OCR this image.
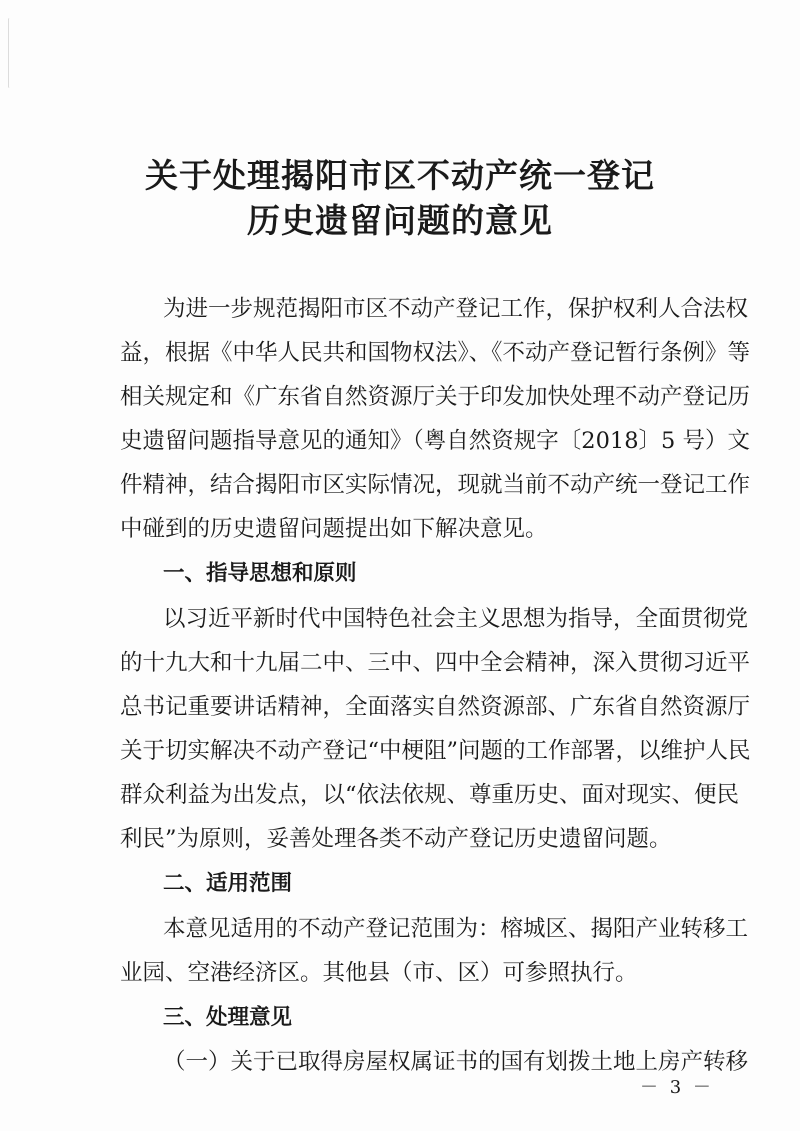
关于处理揭阳市区不动产统一登记
历史遗留问题的意见
为进一步规范揭阳市区不动产登记工作，保护权利人合法权
益，根据《中华人民共和国物权法》、《不动产登记暂行条例》等
相关规定和《广东省自然资源厅关于印发加快处理不动产登记历
史遗留问题指导意见的通知》（粤自然资规字〔2018〕5 号）文
件精神，结合揭阳市区实际情况，现就当前不动产统一登记工作
中碰到的历史遗留问题提出如下解决意见。
一、指导思想和原则
以习近平新时代中国特色社会主义思想为指导，全面贯彻党
的十九大和十九届二中、三中、四中全会精神，深入贯彻习近平
总书记重要讲话精神，全面落实自然资源部、广东省自然资源厅
关于切实解决不动产登记“中梗阻”问题的工作部署，以维护人民
群众利益为出发点，以“依法依规、尊重历史、面对现实、便民
利民”为原则，妥善处理各类不动产登记历史遗留问题。
二、适用范围
本意见适用的不动产登记范围为：榕城区、揭阳产业转移工
业园、空港经济区。其他县（市、区）可参照执行。
三、处理意见
（一）关于已取得房屋权属证书的国有划拨土地上房产转移
－ 3 －
